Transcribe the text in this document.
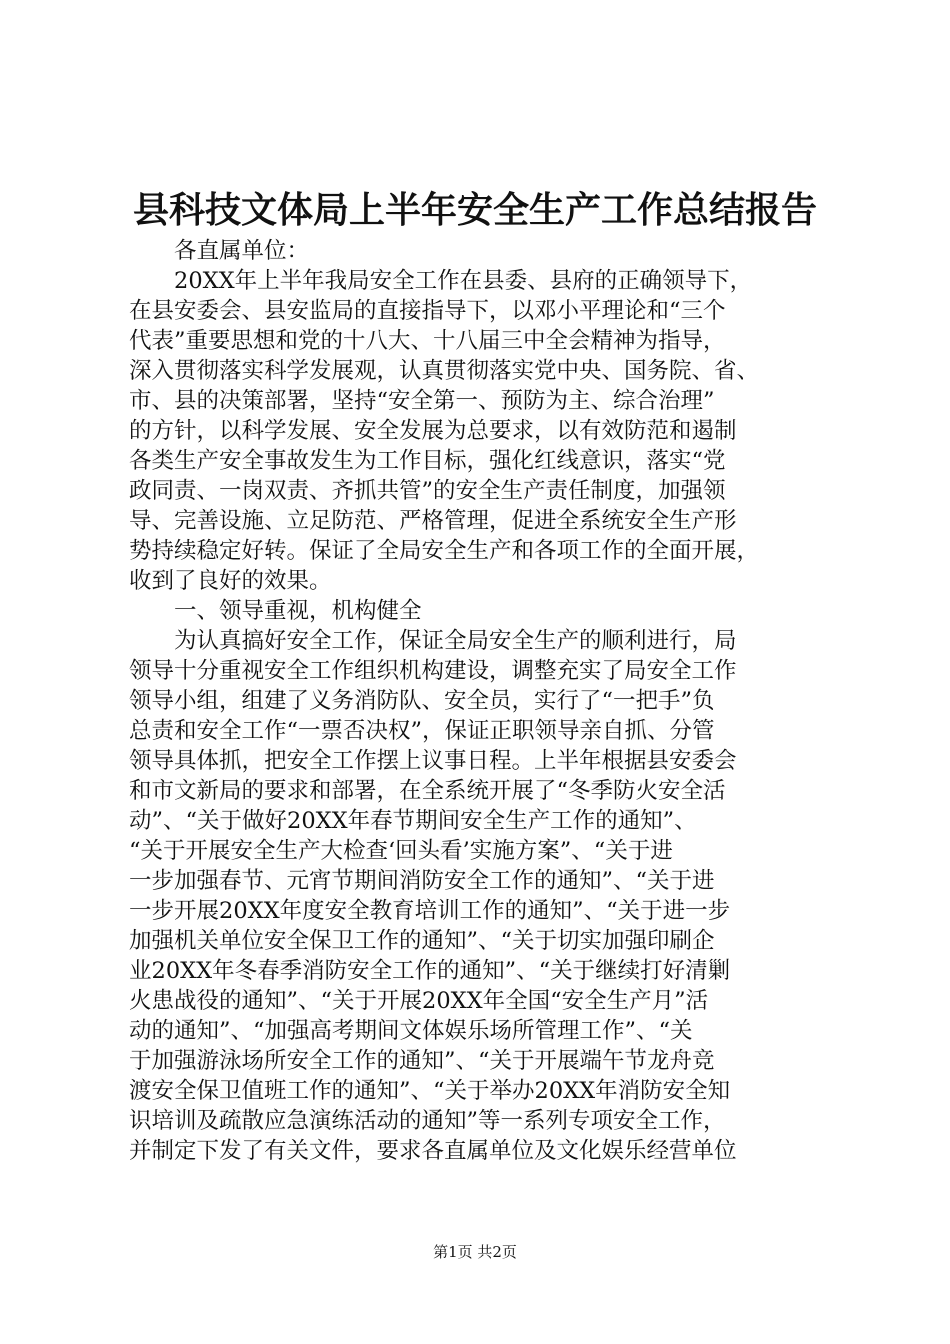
县科技文体局上半年安全生产工作总结报告

各直属单位：

20XX年上半年我局安全工作在县委、县府的正确领导下，

在县安委会、县安监局的直接指导下，以邓小平理论和“三个

代表”重要思想和党的十八大、十八届三中全会精神为指导，

深入贯彻落实科学发展观，认真贯彻落实党中央、国务院、省、

市、县的决策部署，坚持“安全第一、预防为主、综合治理”

的方针，以科学发展、安全发展为总要求，以有效防范和遏制

各类生产安全事故发生为工作目标，强化红线意识，落实“党

政同责、一岗双责、齐抓共管”的安全生产责任制度，加强领

导、完善设施、立足防范、严格管理，促进全系统安全生产形

势持续稳定好转。保证了全局安全生产和各项工作的全面开展，

收到了良好的效果。

一、领导重视，机构健全

为认真搞好安全工作，保证全局安全生产的顺利进行，局

领导十分重视安全工作组织机构建设，调整充实了局安全工作

领导小组，组建了义务消防队、安全员，实行了“一把手”负

总责和安全工作“一票否决权”，保证正职领导亲自抓、分管

领导具体抓，把安全工作摆上议事日程。上半年根据县安委会

和市文新局的要求和部署，在全系统开展了“冬季防火安全活

动”、“关于做好20XX年春节期间安全生产工作的通知”、

“关于开展安全生产大检查‘回头看’实施方案”、“关于进

一步加强春节、元宵节期间消防安全工作的通知”、“关于进

一步开展20XX年度安全教育培训工作的通知”、“关于进一步

加强机关单位安全保卫工作的通知”、“关于切实加强印刷企

业20XX年冬春季消防安全工作的通知”、“关于继续打好清剿

火患战役的通知”、“关于开展20XX年全国“安全生产月”活

动的通知”、“加强高考期间文体娱乐场所管理工作”、“关

于加强游泳场所安全工作的通知”、“关于开展端午节龙舟竞

渡安全保卫值班工作的通知”、“关于举办20XX年消防安全知

识培训及疏散应急演练活动的通知”等一系列专项安全工作，

并制定下发了有关文件，要求各直属单位及文化娱乐经营单位

第1页 共2页
